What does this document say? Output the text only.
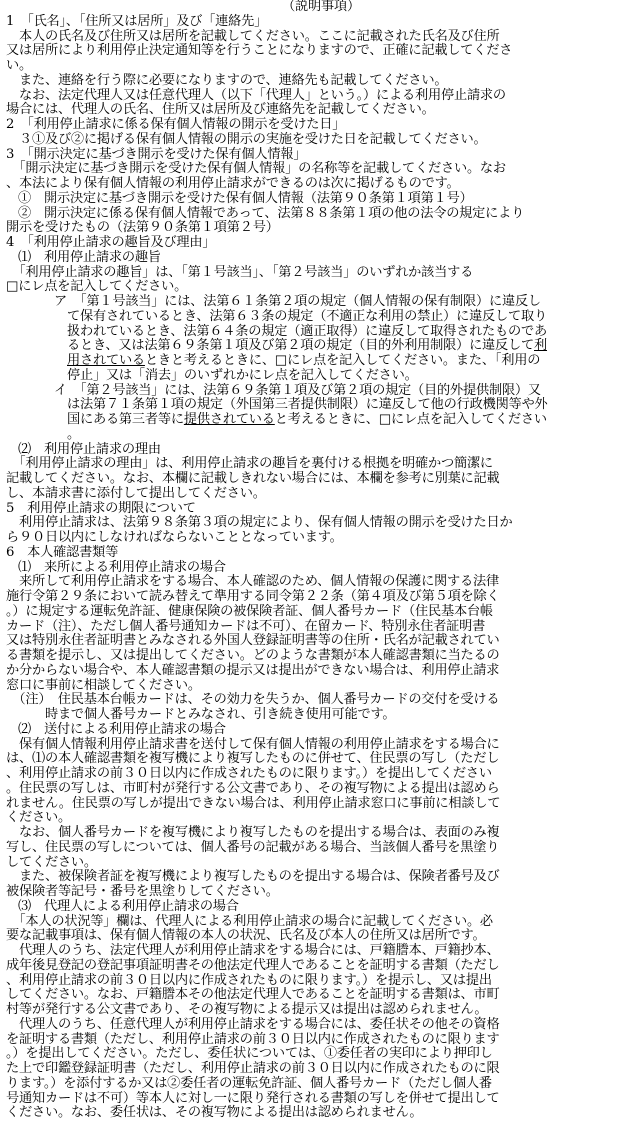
（説明事項）
1　「氏名」、「住所又は居所」及び「連絡先」
　本人の氏名及び住所又は居所を記載してください。ここに記載された氏名及び住所
又は居所により利用停止決定通知等を行うことになりますので、正確に記載してくださ
い。
　また、連絡を行う際に必要になりますので、連絡先も記載してください。
　なお、法定代理人又は任意代理人（以下「代理人」という。）による利用停止請求の
場合には、代理人の氏名、住所又は居所及び連絡先を記載してください。
2　「利用停止請求に係る保有個人情報の開示を受けた日」
　３①及び②に掲げる保有個人情報の開示の実施を受けた日を記載してください。
3　「開示決定に基づき開示を受けた保有個人情報」
　「開示決定に基づき開示を受けた保有個人情報」の名称等を記載してください。なお
、本法により保有個人情報の利用停止請求ができるのは次に掲げるものです。
①　開示決定に基づき開示を受けた保有個人情報（法第９０条第１項第１号）
②　開示決定に係る保有個人情報であって、法第８８条第１項の他の法令の規定により
開示を受けたもの（法第９０条第１項第２号）
4　「利用停止請求の趣旨及び理由」
⑴　利用停止請求の趣旨
　「利用停止請求の趣旨」は、「第１号該当」、「第２号該当」のいずれか該当する
□にレ点を記入してください。
ア　「第１号該当」には、法第６１条第２項の規定（個人情報の保有制限）に違反し
　て保有されているとき、法第６３条の規定（不適正な利用の禁止）に違反して取り
　扱われているとき、法第６４条の規定（適正取得）に違反して取得されたものであ
　るとき、又は法第６９条第１項及び第２項の規定（目的外利用制限）に違反して利
　用されているときと考えるときに、□にレ点を記入してください。また、「利用の
　停止」又は「消去」のいずれかにレ点を記入してください。
イ　「第２号該当」には、法第６９条第１項及び第２項の規定（目的外提供制限）又
　は法第７１条第１項の規定（外国第三者提供制限）に違反して他の行政機関等や外
　国にある第三者等に提供されていると考えるときに、□にレ点を記入してください
　。
⑵　利用停止請求の理由
　「利用停止請求の理由」は、利用停止請求の趣旨を裏付ける根拠を明確かつ簡潔に
記載してください。なお、本欄に記載しきれない場合には、本欄を参考に別葉に記載
し、本請求書に添付して提出してください。
5　利用停止請求の期限について
　利用停止請求は、法第９８条第３項の規定により、保有個人情報の開示を受けた日か
ら９０日以内にしなければならないこととなっています。
6　本人確認書類等
⑴　来所による利用停止請求の場合
　来所して利用停止請求をする場合、本人確認のため、個人情報の保護に関する法律
施行令第２９条において読み替えて準用する同令第２２条（第４項及び第５項を除く
。）に規定する運転免許証、健康保険の被保険者証、個人番号カード（住民基本台帳
カード（注）、ただし個人番号通知カードは不可）、在留カード、特別永住者証明書
又は特別永住者証明書とみなされる外国人登録証明書等の住所・氏名が記載されてい
る書類を提示し、又は提出してください。どのような書類が本人確認書類に当たるの
か分からない場合や、本人確認書類の提示又は提出ができない場合は、利用停止請求
窓口に事前に相談してください。
　（注）　住民基本台帳カードは、その効力を失うか、個人番号カードの交付を受ける
　　　時まで個人番号カードとみなされ、引き続き使用可能です。
⑵　送付による利用停止請求の場合
　保有個人情報利用停止請求書を送付して保有個人情報の利用停止請求をする場合に
は、⑴の本人確認書類を複写機により複写したものに併せて、住民票の写し（ただし
、利用停止請求の前３０日以内に作成されたものに限ります。）を提出してください
。住民票の写しは、市町村が発行する公文書であり、その複写物による提出は認めら
れません。住民票の写しが提出できない場合は、利用停止請求窓口に事前に相談して
ください。
　なお、個人番号カードを複写機により複写したものを提出する場合は、表面のみ複
写し、住民票の写しについては、個人番号の記載がある場合、当該個人番号を黒塗り
してください。
　また、被保険者証を複写機により複写したものを提出する場合は、保険者番号及び
被保険者等記号・番号を黒塗りしてください。
⑶　代理人による利用停止請求の場合
　「本人の状況等」欄は、代理人による利用停止請求の場合に記載してください。必
要な記載事項は、保有個人情報の本人の状況、氏名及び本人の住所又は居所です。
　代理人のうち、法定代理人が利用停止請求をする場合には、戸籍謄本、戸籍抄本、
成年後見登記の登記事項証明書その他法定代理人であることを証明する書類（ただし
、利用停止請求の前３０日以内に作成されたものに限ります。）を提示し、又は提出
してください。なお、戸籍謄本その他法定代理人であることを証明する書類は、市町
村等が発行する公文書であり、その複写物による提示又は提出は認められません。
　代理人のうち、任意代理人が利用停止請求をする場合には、委任状その他その資格
を証明する書類（ただし、利用停止請求の前３０日以内に作成されたものに限ります
。）を提出してください。ただし、委任状については、①委任者の実印により押印し
た上で印鑑登録証明書（ただし、利用停止請求の前３０日以内に作成されたものに限
ります。）を添付するか又は②委任者の運転免許証、個人番号カード（ただし個人番
号通知カードは不可）等本人に対し一に限り発行される書類の写しを併せて提出して
ください。なお、委任状は、その複写物による提出は認められません。
